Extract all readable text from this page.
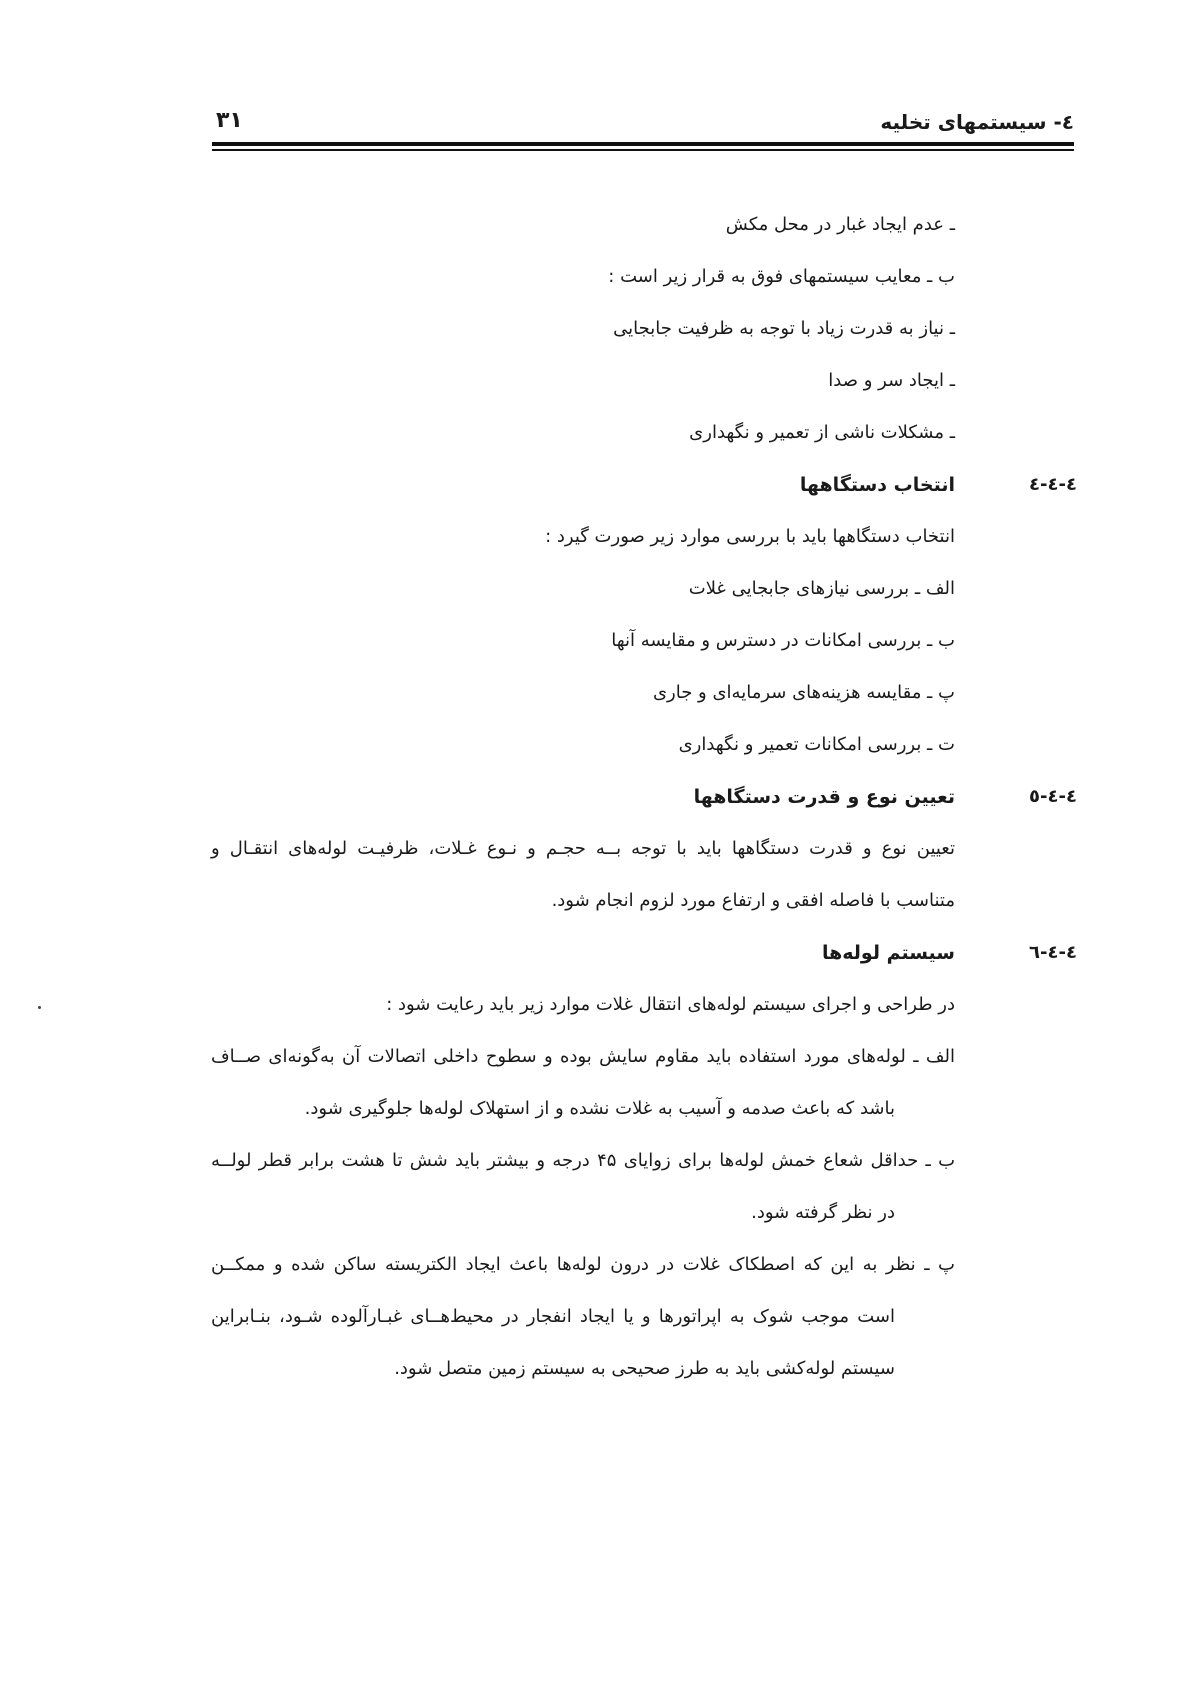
٤- سیستمهای تخلیه
۳۱
ـ عدم ایجاد غبار در محل مکش
ب ـ معایب سیستمهای فوق به قرار زیر است :
ـ نیاز به قدرت زیاد با توجه به ظرفیت جابجایی
ـ ایجاد سر و صدا
ـ مشکلات ناشی از تعمیر و نگهداری
٤-٤-٤
انتخاب دستگاهها
انتخاب دستگاهها باید با بررسی موارد زیر صورت گیرد :
الف ـ بررسی نیازهای جابجایی غلات
ب ـ بررسی امکانات در دسترس و مقایسه آنها
پ ـ مقایسه هزینه‌های سرمایه‌ای و جاری
ت ـ بررسی امکانات تعمیر و نگهداری
٤-٤-٥
تعیین نوع و قدرت دستگاهها
تعیین نوع و قدرت دستگاهها باید با توجه بــه حجـم و نـوع غـلات، ظرفیـت لوله‌های انتقـال و
متناسب با فاصله افقی و ارتفاع مورد لزوم انجام شود.
٤-٤-٦
سیستم لوله‌ها
در طراحی و اجرای سیستم لوله‌های انتقال غلات موارد زیر باید رعایت شود :
الف ـ لوله‌های مورد استفاده باید مقاوم سایش بوده و سطوح داخلی اتصالات آن به‌گونه‌ای صــاف
باشد که باعث صدمه و آسیب به غلات نشده و از استهلاک لوله‌ها جلوگیری شود.
ب ـ حداقل شعاع خمش لوله‌ها برای زوایای ۴۵ درجه و بیشتر باید شش تا هشت برابر قطر لولــه
در نظر گرفته شود.
پ ـ نظر به این که اصطکاک غلات در درون لوله‌ها باعث ایجاد الکتریسته ساکن شده و ممکــن
است موجب شوک به اپراتورها و یا ایجاد انفجار در محیط‌هــای غبـارآلوده شـود، بنـابراین
سیستم لوله‌کشی باید به طرز صحیحی به سیستم زمین متصل شود.
